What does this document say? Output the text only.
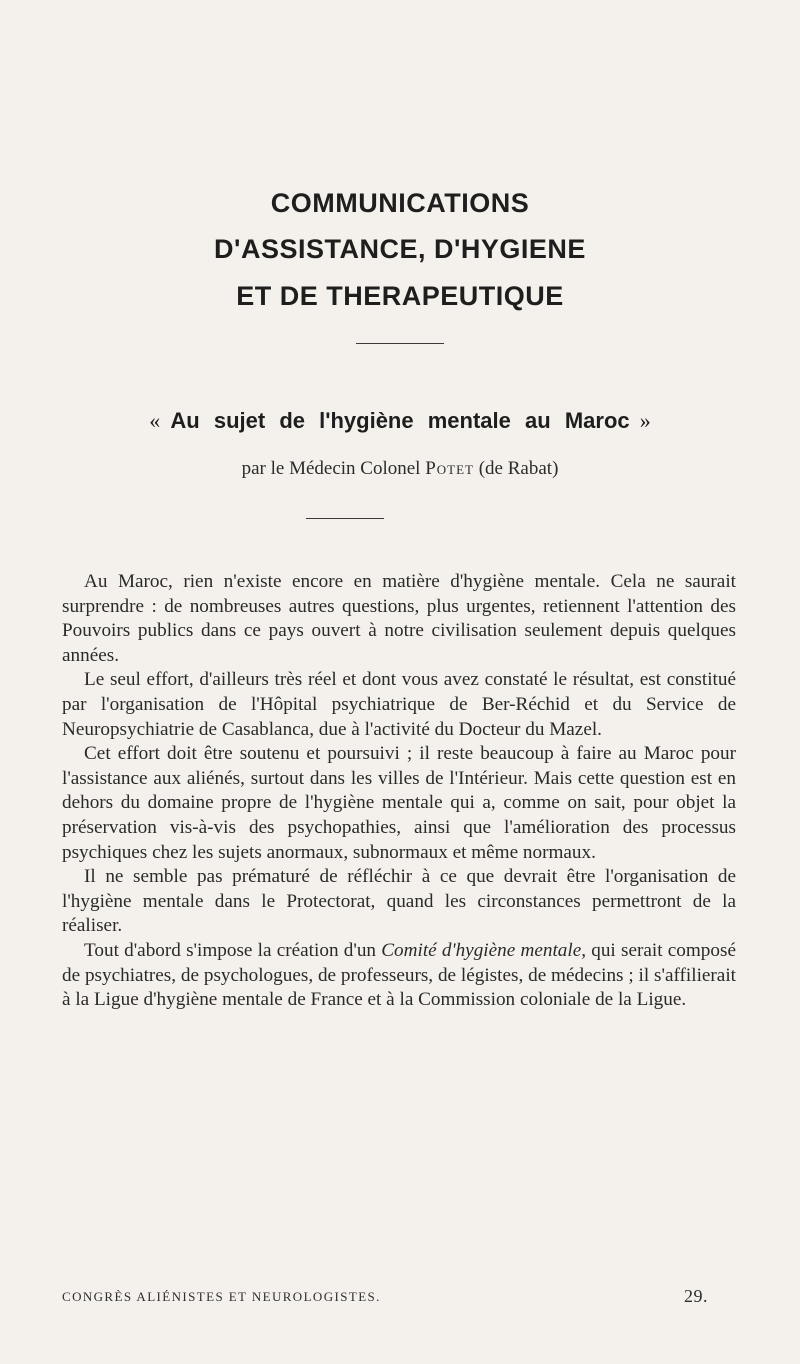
COMMUNICATIONS
D'ASSISTANCE, D'HYGIENE
ET DE THERAPEUTIQUE
« Au sujet de l'hygiène mentale au Maroc »
par le Médecin Colonel Potet (de Rabat)

Au Maroc, rien n'existe encore en matière d'hygiène mentale. Cela ne saurait surprendre : de nombreuses autres questions, plus urgentes, retiennent l'attention des Pouvoirs publics dans ce pays ouvert à notre civilisation seulement depuis quelques années.

Le seul effort, d'ailleurs très réel et dont vous avez constaté le résultat, est constitué par l'organisation de l'Hôpital psychiatrique de Ber-Réchid et du Service de Neuropsychiatrie de Casablanca, due à l'activité du Docteur du Mazel.

Cet effort doit être soutenu et poursuivi ; il reste beaucoup à faire au Maroc pour l'assistance aux aliénés, surtout dans les villes de l'Intérieur. Mais cette question est en dehors du domaine propre de l'hygiène mentale qui a, comme on sait, pour objet la préservation vis-à-vis des psychopathies, ainsi que l'amélioration des processus psychiques chez les sujets anormaux, subnormaux et même normaux.

Il ne semble pas prématuré de réfléchir à ce que devrait être l'organisation de l'hygiène mentale dans le Protectorat, quand les circonstances permettront de la réaliser.

Tout d'abord s'impose la création d'un Comité d'hygiène mentale, qui serait composé de psychiatres, de psychologues, de professeurs, de légistes, de médecins ; il s'affilierait à la Ligue d'hygiène mentale de France et à la Commission coloniale de la Ligue.

CONGRÈS ALIÉNISTES ET NEUROLOGISTES.	29.
